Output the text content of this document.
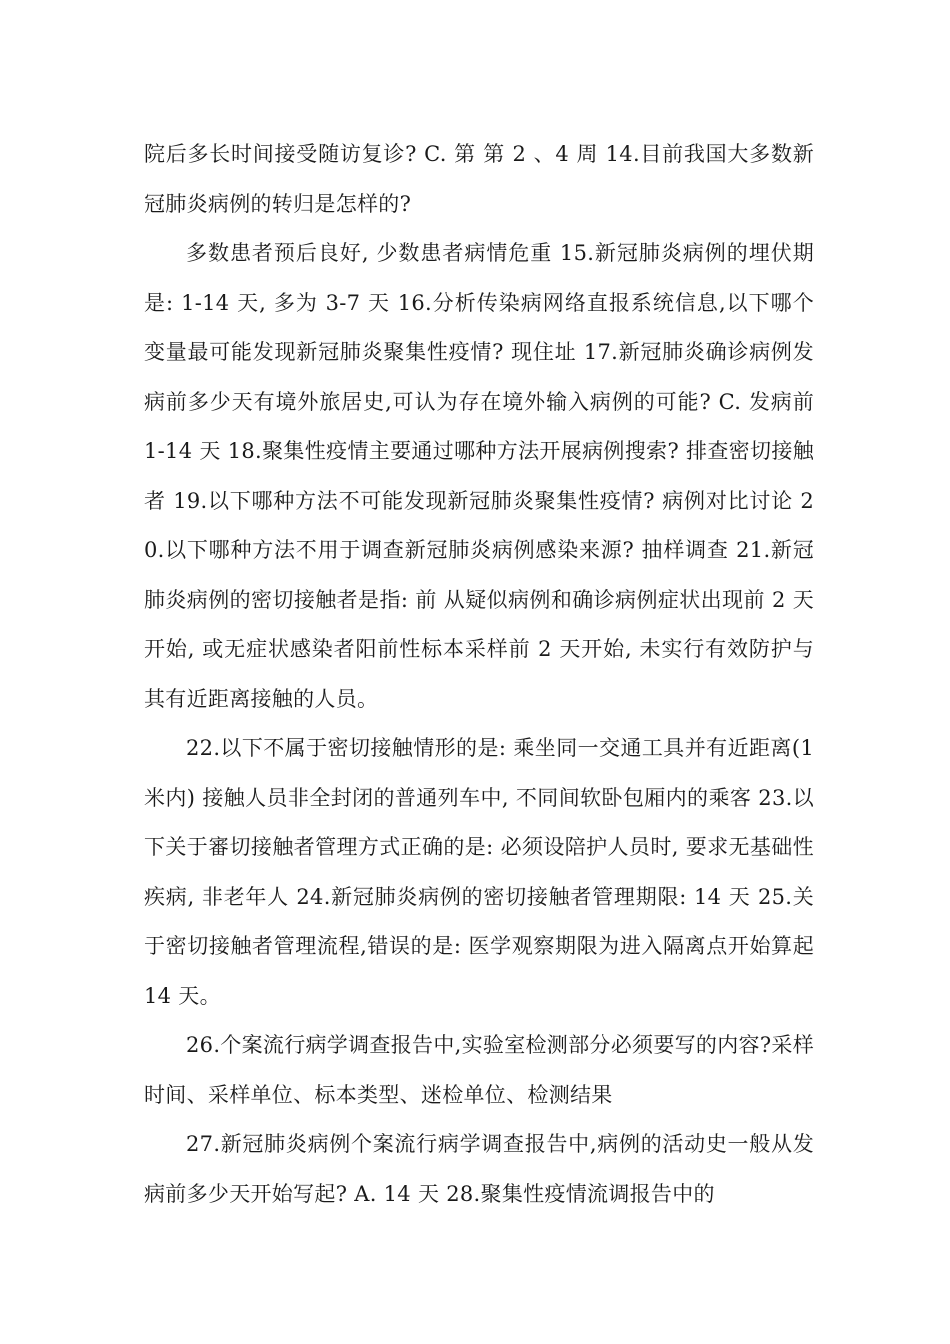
院后多长时间接受随访复诊? C. 第 第 2 、4 周 14.目前我国大多数新冠肺炎病例的转归是怎样的?

多数患者预后良好, 少数患者病情危重 15.新冠肺炎病例的埋伏期是: 1-14 天, 多为 3-7 天 16.分析传染病网络直报系统信息,以下哪个变量最可能发现新冠肺炎聚集性疫情? 现住址 17.新冠肺炎确诊病例发病前多少天有境外旅居史,可认为存在境外输入病例的可能? C. 发病前 1-14 天 18.聚集性疫情主要通过哪种方法开展病例搜索? 排查密切接触者 19.以下哪种方法不可能发现新冠肺炎聚集性疫情? 病例对比讨论 20.以下哪种方法不用于调查新冠肺炎病例感染来源? 抽样调查 21.新冠肺炎病例的密切接触者是指: 前 从疑似病例和确诊病例症状出现前 2 天开始, 或无症状感染者阳前性标本采样前 2 天开始, 未实行有效防护与其有近距离接触的人员。

22.以下不属于密切接触情形的是: 乘坐同一交通工具并有近距离(1 米内) 接触人员非全封闭的普通列车中, 不同间软卧包厢内的乘客 23.以下关于審切接触者管理方式正确的是: 必须设陪护人员时, 要求无基础性疾病, 非老年人 24.新冠肺炎病例的密切接触者管理期限: 14 天 25.关于密切接触者管理流程,错误的是: 医学观察期限为进入隔离点开始算起 14 天。

26.个案流行病学调查报告中,实验室检测部分必须要写的内容?采样时间、采样单位、标本类型、迷检单位、检测结果

27.新冠肺炎病例个案流行病学调查报告中,病例的活动史一般从发病前多少天开始写起? A. 14 天 28.聚集性疫情流调报告中的
